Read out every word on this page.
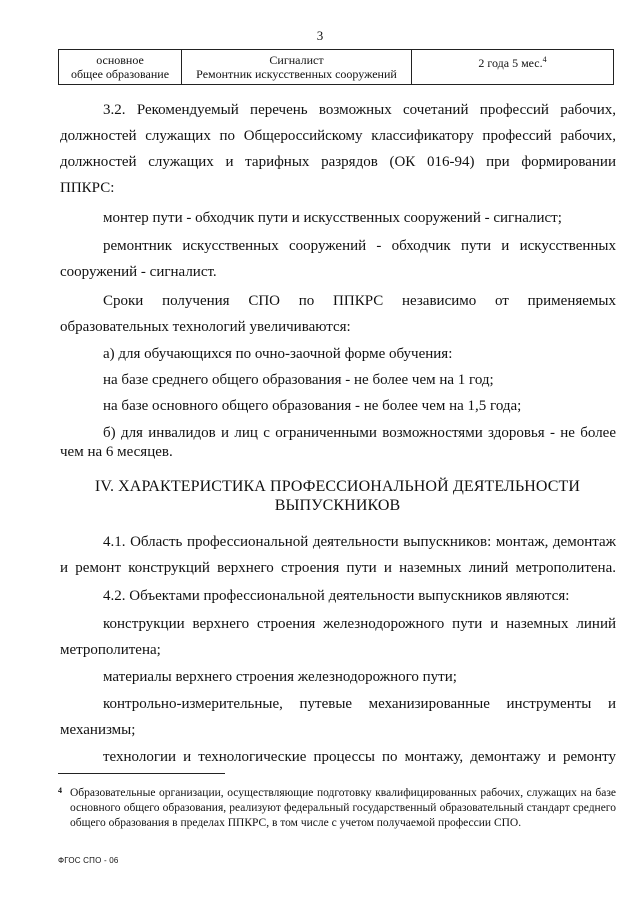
3
основное
общее образование
Сигналист
Ремонтник искусственных сооружений
2 года 5 мес.$^4$
3.2. Рекомендуемый перечень возможных сочетаний профессий рабочих,
должностей служащих по Общероссийскому классификатору профессий рабочих,
должностей служащих и тарифных разрядов (ОК 016-94) при формировании
ППКРС:
монтер пути - обходчик пути и искусственных сооружений - сигналист;
ремонтник искусственных сооружений - обходчик пути и искусственных
сооружений - сигналист.
Сроки получения СПО по ППКРС независимо от применяемых
образовательных технологий увеличиваются:
а) для обучающихся по очно-заочной форме обучения:
на базе среднего общего образования - не более чем на 1 год;
на базе основного общего образования - не более чем на 1,5 года;
б) для инвалидов и лиц с ограниченными возможностями здоровья - не более
чем на 6 месяцев.
IV. ХАРАКТЕРИСТИКА ПРОФЕССИОНАЛЬНОЙ ДЕЯТЕЛЬНОСТИ
ВЫПУСКНИКОВ
4.1. Область профессиональной деятельности выпускников: монтаж, демонтаж
и ремонт конструкций верхнего строения пути и наземных линий метрополитена.
4.2. Объектами профессиональной деятельности выпускников являются:
конструкции верхнего строения железнодорожного пути и наземных линий
метрополитена;
материалы верхнего строения железнодорожного пути;
контрольно-измерительные, путевые механизированные инструменты и
механизмы;
технологии и технологические процессы по монтажу, демонтажу и ремонту
4 Образовательные организации, осуществляющие подготовку квалифицированных рабочих, служащих на базе основного общего образования, реализуют федеральный государственный образовательный стандарт среднего общего образования в пределах ППКРС, в том числе с учетом получаемой профессии СПО.
ФГОС СПО - 06
